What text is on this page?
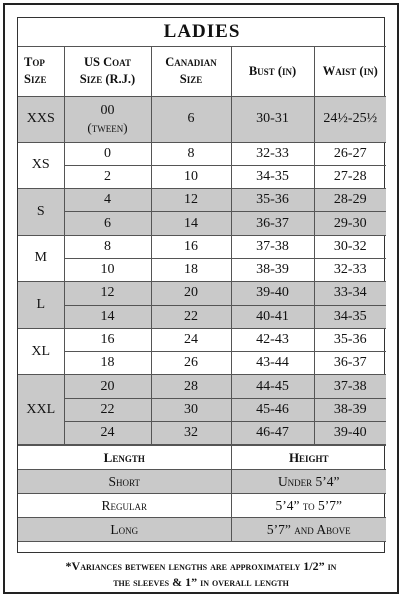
LADIES				
Top
Size	US Coat
Size (R.J.)	Canadian
Size	Bust (in)	Waist (in)
XXS	00
(tween)	6	30-31	24½-25½
XS	0	8	32-33	26-27
	2	10	34-35	27-28
S	4	12	35-36	28-29
	6	14	36-37	29-30
M	8	16	37-38	30-32
	10	18	38-39	32-33
L	12	20	39-40	33-34
	14	22	40-41	34-35
XL	16	24	42-43	35-36
	18	26	43-44	36-37
XXL	20	28	44-45	37-38
	22	30	45-46	38-39
	24	32	46-47	39-40
Length	Height
Short	Under 5’4”
Regular	5’4” to 5’7”
Long	5’7” and Above
*Variances between lengths are approximately 1/2” in
the sleeves & 1” in overall length
